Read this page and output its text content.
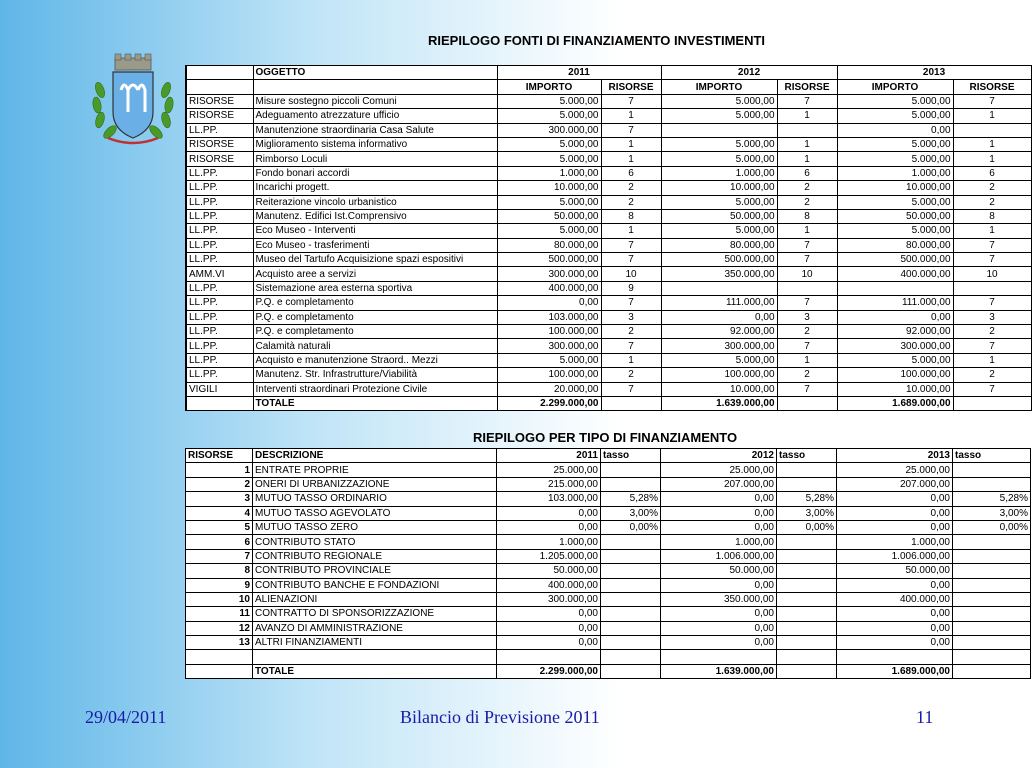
RIEPILOGO FONTI DI FINANZIAMENTO INVESTIMENTI
	OGGETTO	2011		2012		2013	
		IMPORTO	RISORSE	IMPORTO	RISORSE	IMPORTO	RISORSE
RISORSE	Misure sostegno piccoli Comuni	5.000,00	7	5.000,00	7	5.000,00	7
RISORSE	Adeguamento atrezzature ufficio	5.000,00	1	5.000,00	1	5.000,00	1
LL.PP.	Manutenzione straordinaria Casa Salute	300.000,00	7			0,00	
RISORSE	Miglioramento sistema informativo	5.000,00	1	5.000,00	1	5.000,00	1
RISORSE	Rimborso Loculi	5.000,00	1	5.000,00	1	5.000,00	1
LL.PP.	Fondo bonari accordi	1.000,00	6	1.000,00	6	1.000,00	6
LL.PP.	Incarichi progett.	10.000,00	2	10.000,00	2	10.000,00	2
LL.PP.	Reiterazione vincolo urbanistico	5.000,00	2	5.000,00	2	5.000,00	2
LL.PP.	Manutenz. Edifici Ist.Comprensivo	50.000,00	8	50.000,00	8	50.000,00	8
LL.PP.	Eco Museo - Interventi	5.000,00	1	5.000,00	1	5.000,00	1
LL.PP.	Eco Museo - trasferimenti	80.000,00	7	80.000,00	7	80.000,00	7
LL.PP.	Museo del Tartufo Acquisizione spazi espositivi	500.000,00	7	500.000,00	7	500.000,00	7
AMM.VI	Acquisto aree a servizi	300.000,00	10	350.000,00	10	400.000,00	10
LL.PP.	Sistemazione area esterna sportiva	400.000,00	9				
LL.PP.	P.Q. e completamento	0,00	7	111.000,00	7	111.000,00	7
LL.PP.	P.Q. e completamento	103.000,00	3	0,00	3	0,00	3
LL.PP.	P.Q. e completamento	100.000,00	2	92.000,00	2	92.000,00	2
LL.PP.	Calamità naturali	300.000,00	7	300.000,00	7	300.000,00	7
LL.PP.	Acquisto e manutenzione Straord.. Mezzi	5.000,00	1	5.000,00	1	5.000,00	1
LL.PP.	Manutenz. Str. Infrastrutture/Viabilità	100.000,00	2	100.000,00	2	100.000,00	2
VIGILI	Interventi straordinari Protezione Civile	20.000,00	7	10.000,00	7	10.000,00	7
	TOTALE	2.299.000,00		1.639.000,00		1.689.000,00	
RIEPILOGO PER TIPO DI FINANZIAMENTO
RISORSE	DESCRIZIONE	2011	tasso	2012	tasso	2013	tasso
1	ENTRATE PROPRIE	25.000,00		25.000,00		25.000,00	
2	ONERI DI URBANIZZAZIONE	215.000,00		207.000,00		207.000,00	
3	MUTUO TASSO ORDINARIO	103.000,00	5,28%	0,00	5,28%	0,00	5,28%
4	MUTUO TASSO AGEVOLATO	0,00	3,00%	0,00	3,00%	0,00	3,00%
5	MUTUO TASSO ZERO	0,00	0,00%	0,00	0,00%	0,00	0,00%
6	CONTRIBUTO STATO	1.000,00		1.000,00		1.000,00	
7	CONTRIBUTO REGIONALE	1.205.000,00		1.006.000,00		1.006.000,00	
8	CONTRIBUTO PROVINCIALE	50.000,00		50.000,00		50.000,00	
9	CONTRIBUTO BANCHE E FONDAZIONI	400.000,00		0,00		0,00	
10	ALIENAZIONI	300.000,00		350.000,00		400.000,00	
11	CONTRATTO DI SPONSORIZZAZIONE	0,00		0,00		0,00	
12	AVANZO DI AMMINISTRAZIONE	0,00		0,00		0,00	
13	ALTRI FINANZIAMENTI	0,00		0,00		0,00	

	TOTALE	2.299.000,00		1.639.000,00		1.689.000,00	
29/04/2011	Bilancio di Previsione 2011	11
